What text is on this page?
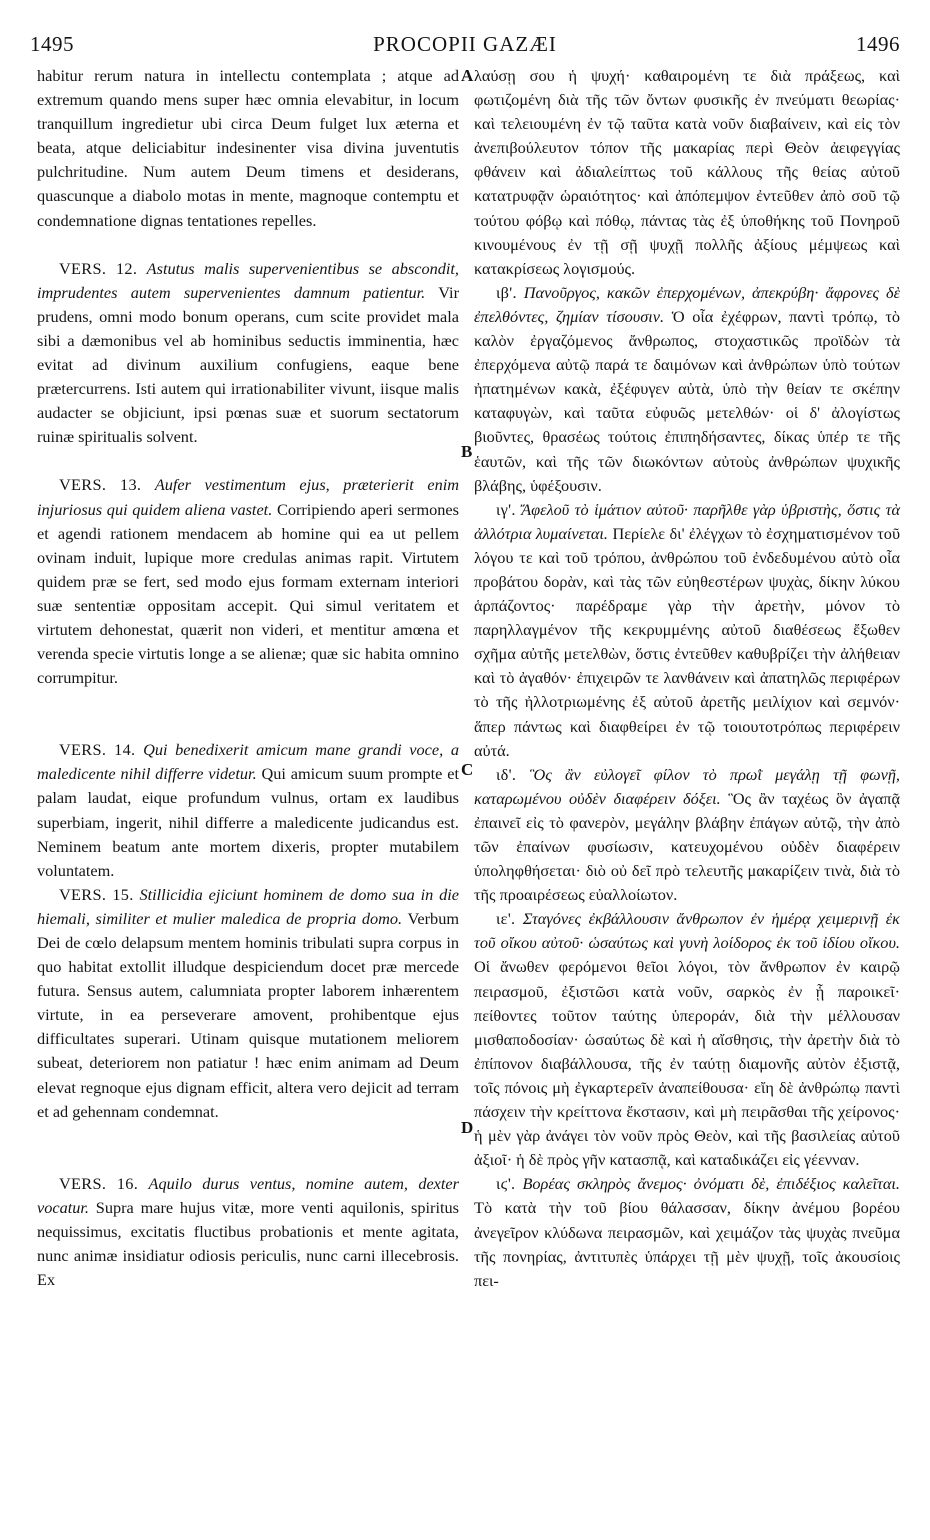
1495	PROCOPII GAZÆI	1496
A
B
C
D

habitur rerum natura in intellectu contemplata ; atque ad extremum quando mens super hæc omnia elevabitur, in locum tranquillum ingredietur ubi circa Deum fulget lux æterna et beata, atque deliciabitur indesinenter visa divina juventutis pulchritudine. Num autem Deum timens et desiderans, quascunque a diabolo motas in mente, magnoque contemptu et condemnatione dignas tentationes repelles.

VERS. 12. Astutus malis supervenientibus se abscondit, imprudentes autem supervenientes damnum patientur. Vir prudens, omni modo bonum operans, cum scite providet mala sibi a dæmonibus vel ab hominibus seductis imminentia, hæc evitat ad divinum auxilium confugiens, eaque bene prætercurrens. Isti autem qui irrationabiliter vivunt, iisque malis audacter se objiciunt, ipsi pœnas suæ et suorum sectatorum ruinæ spiritualis solvent.

VERS. 13. Aufer vestimentum ejus, præterierit enim injuriosus qui quidem aliena vastet. Corripiendo aperi sermones et agendi rationem mendacem ab homine qui ea ut pellem ovinam induit, lupique more credulas animas rapit. Virtutem quidem præ se fert, sed modo ejus formam externam interiori suæ sententiæ oppositam accepit. Qui simul veritatem et virtutem dehonestat, quærit non videri, et mentitur amœna et verenda specie virtutis longe a se alienæ; quæ sic habita omnino corrumpitur.

VERS. 14. Qui benedixerit amicum mane grandi voce, a maledicente nihil differre videtur. Qui amicum suum prompte et palam laudat, eique profundum vulnus, ortam ex laudibus superbiam, ingerit, nihil differre a maledicente judicandus est. Neminem beatum ante mortem dixeris, propter mutabilem voluntatem.

VERS. 15. Stillicidia ejiciunt hominem de domo sua in die hiemali, similiter et mulier maledica de propria domo. Verbum Dei de cœlo delapsum mentem hominis tribulati supra corpus in quo habitat extollit illudque despiciendum docet præ mercede futura. Sensus autem, calumniata propter laborem inhærentem virtute, in ea perseverare amovent, prohibentque ejus difficultates superari. Utinam quisque mutationem meliorem subeat, deteriorem non patiatur ! hæc enim animam ad Deum elevat regnoque ejus dignam efficit, altera vero dejicit ad terram et ad gehennam condemnat.

VERS. 16. Aquilo durus ventus, nomine autem, dexter vocatur. Supra mare hujus vitæ, more venti aquilonis, spiritus nequissimus, excitatis fluctibus probationis et mente agitata, nunc animæ insidiatur odiosis periculis, nunc carni illecebrosis. Ex

λαύσῃ σου ἡ ψυχή· καθαιρομένη τε διὰ πράξεως, καὶ φωτιζομένη διὰ τῆς τῶν ὄντων φυσικῆς ἐν πνεύματι θεωρίας· καὶ τελειουμένη ἐν τῷ ταῦτα κατὰ νοῦν διαβαίνειν, καὶ εἰς τὸν ἀνεπιβούλευτον τόπον τῆς μακαρίας περὶ Θεὸν ἀειφεγγίας φθάνειν καὶ ἀδιαλείπτως τοῦ κάλλους τῆς θείας αὐτοῦ κατατρυφᾷν ὡραιότητος· καὶ ἀπόπεμψον ἐντεῦθεν ἀπὸ σοῦ τῷ τούτου φόβῳ καὶ πόθῳ, πάντας τὰς ἐξ ὑποθήκης τοῦ Πονηροῦ κινουμένους ἐν τῇ σῇ ψυχῇ πολλῆς ἀξίους μέμψεως καὶ κατακρίσεως λογισμούς.

ιβ'. Πανοῦργος, κακῶν ἐπερχομένων, ἀπεκρύβη· ἄφρονες δὲ ἐπελθόντες, ζημίαν τίσουσιν. Ὁ οἷα ἐχέφρων, παντὶ τρόπῳ, τὸ καλὸν ἐργαζόμενος ἄνθρωπος, στοχαστικῶς προϊδὼν τὰ ἐπερχόμενα αὐτῷ παρά τε δαιμόνων καὶ ἀνθρώπων ὑπὸ τούτων ἠπατημένων κακὰ, ἐξέφυγεν αὐτὰ, ὑπὸ τὴν θείαν τε σκέπην καταφυγὼν, καὶ ταῦτα εὐφυῶς μετελθών· οἱ δ' ἀλογίστως βιοῦντες, θρασέως τούτοις ἐπιπηδήσαντες, δίκας ὑπέρ τε τῆς ἑαυτῶν, καὶ τῆς τῶν διωκόντων αὐτοὺς ἀνθρώπων ψυχικῆς βλάβης, ὑφέξουσιν.

ιγ'. Ἄφελοῦ τὸ ἱμάτιον αὐτοῦ· παρῆλθε γὰρ ὑβριστὴς, ὅστις τὰ ἀλλότρια λυμαίνεται. Περίελε δι' ἐλέγχων τὸ ἐσχηματισμένον τοῦ λόγου τε καὶ τοῦ τρόπου, ἀνθρώπου τοῦ ἐνδεδυμένου αὐτὸ οἷα προβάτου δορὰν, καὶ τὰς τῶν εὐηθεστέρων ψυχὰς, δίκην λύκου ἁρπάζοντος· παρέδραμε γὰρ τὴν ἀρετὴν, μόνον τὸ παρηλλαγμένον τῆς κεκρυμμένης αὐτοῦ διαθέσεως ἔξωθεν σχῆμα αὐτῆς μετελθὼν, ὅστις ἐντεῦθεν καθυβρίζει τὴν ἀλήθειαν καὶ τὸ ἀγαθόν· ἐπιχειρῶν τε λανθάνειν καὶ ἀπατηλῶς περιφέρων τὸ τῆς ἠλλοτριωμένης ἐξ αὐτοῦ ἀρετῆς μειλίχιον καὶ σεμνόν· ἅπερ πάντως καὶ διαφθείρει ἐν τῷ τοιουτοτρόπως περιφέρειν αὐτά.

ιδ'. Ὃς ἂν εὐλογεῖ φίλον τὸ πρωῒ μεγάλῃ τῇ φωνῇ, καταρωμένου οὐδὲν διαφέρειν δόξει. Ὃς ἂν ταχέως ὃν ἀγαπᾷ ἐπαινεῖ εἰς τὸ φανερὸν, μεγάλην βλάβην ἐπάγων αὐτῷ, τὴν ἀπὸ τῶν ἐπαίνων φυσίωσιν, κατευχομένου οὐδὲν διαφέρειν ὑποληφθήσεται· διὸ οὐ δεῖ πρὸ τελευτῆς μακαρίζειν τινὰ, διὰ τὸ τῆς προαιρέσεως εὐαλλοίωτον.

ιε'. Σταγόνες ἐκβάλλουσιν ἄνθρωπον ἐν ἡμέρᾳ χειμερινῇ ἐκ τοῦ οἴκου αὐτοῦ· ὡσαύτως καὶ γυνὴ λοίδορος ἐκ τοῦ ἰδίου οἴκου. Οἱ ἄνωθεν φερόμενοι θεῖοι λόγοι, τὸν ἄνθρωπον ἐν καιρῷ πειρασμοῦ, ἐξιστῶσι κατὰ νοῦν, σαρκὸς ἐν ᾗ παροικεῖ· πείθοντες τοῦτον ταύτης ὑπεροράν, διὰ τὴν μέλλουσαν μισθαποδοσίαν· ὡσαύτως δὲ καὶ ἡ αἴσθησις, τὴν ἀρετὴν διὰ τὸ ἐπίπονον διαβάλλουσα, τῆς ἐν ταύτῃ διαμονῆς αὐτὸν ἐξιστᾷ, τοῖς πόνοις μὴ ἐγκαρτερεῖν ἀναπείθουσα· εἴη δὲ ἀνθρώπῳ παντὶ πάσχειν τὴν κρείττονα ἔκστασιν, καὶ μὴ πειρᾶσθαι τῆς χείρονος· ἡ μὲν γὰρ ἀνάγει τὸν νοῦν πρὸς Θεὸν, καὶ τῆς βασιλείας αὐτοῦ ἀξιοῖ· ἡ δὲ πρὸς γῆν κατασπᾷ, καὶ καταδικάζει εἰς γέενναν.

ιϛ'. Βορέας σκληρὸς ἄνεμος· ὀνόματι δὲ, ἐπιδέξιος καλεῖται. Τὸ κατὰ τὴν τοῦ βίου θάλασσαν, δίκην ἀνέμου βορέου ἀνεγεῖρον κλύδωνα πειρασμῶν, καὶ χειμάζον τὰς ψυχὰς πνεῦμα τῆς πονηρίας, ἀντιτυπὲς ὑπάρχει τῇ μὲν ψυχῇ, τοῖς ἀκουσίοις πει-
